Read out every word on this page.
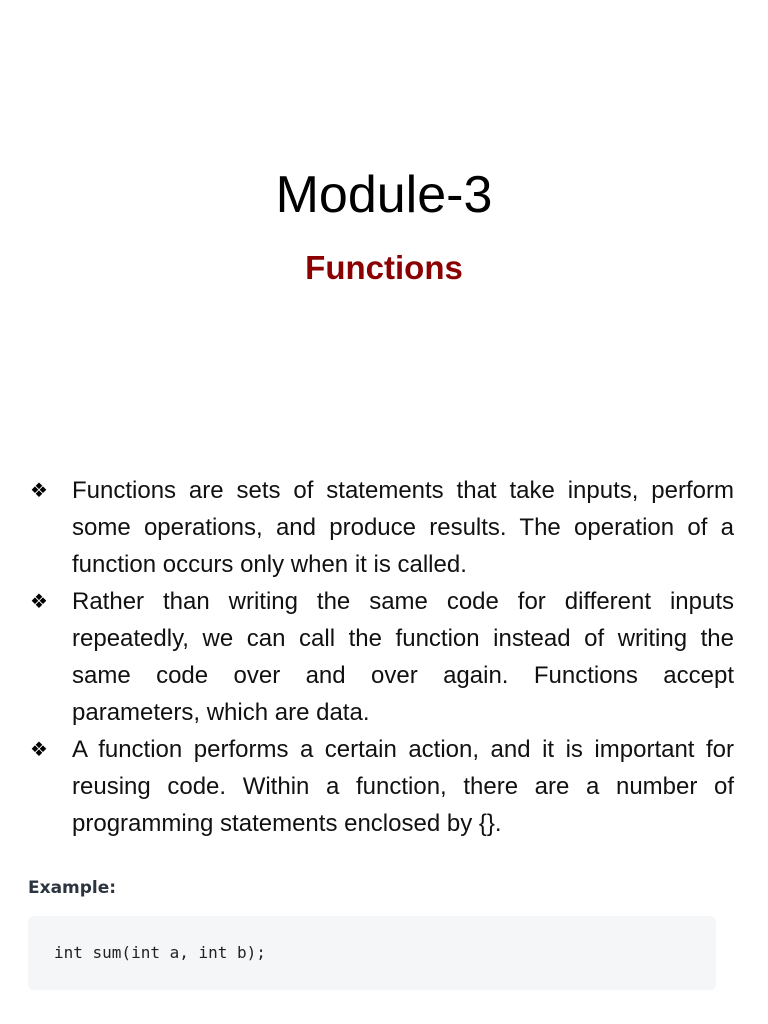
Module-3
Functions
❖ Functions are sets of statements that take inputs, perform some operations, and produce results. The operation of a function occurs only when it is called.
❖ Rather than writing the same code for different inputs repeatedly, we can call the function instead of writing the same code over and over again. Functions accept parameters, which are data.
❖ A function performs a certain action, and it is important for reusing code. Within a function, there are a number of programming statements enclosed by {}.

Example:

int sum(int a, int b);
